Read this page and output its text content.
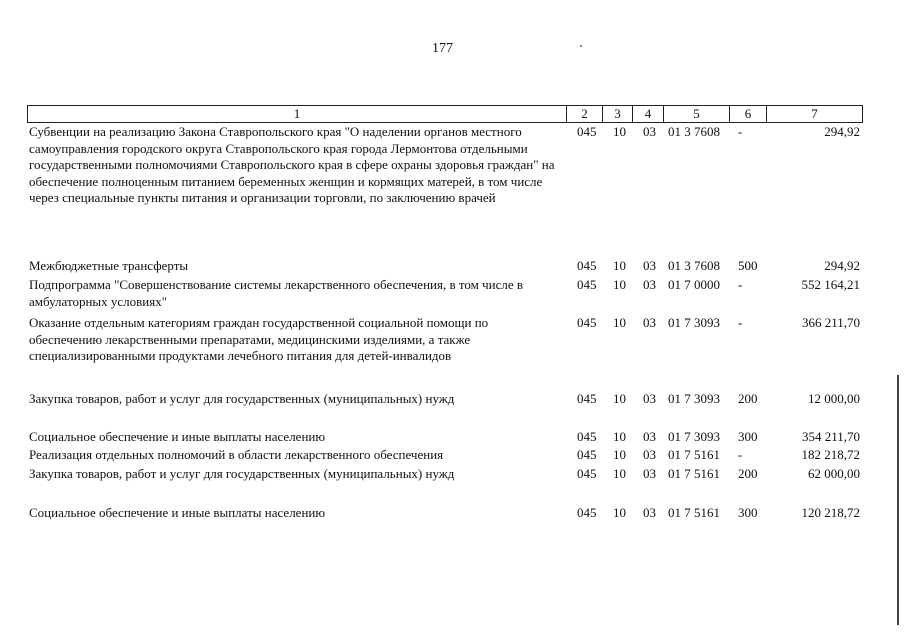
177
1	2	3	4	5	6	7
Субвенции на реализацию Закона Ставропольского края "О наделении органов местного самоуправления городского округа Ставропольского края города Лермонтова отдельными государственными полномочиями Ставропольского края в сфере охраны здоровья граждан" на обеспечение полноценным питанием беременных женщин и кормящих матерей, в том числе через специальные пункты питания и организации торговли, по заключению врачей
045 10 03 01 3 7608 -	294,92
Межбюджетные трансферты	045 10 03 01 3 7608 500	294,92
Подпрограмма "Совершенствование системы лекарственного обеспечения, в том числе в амбулаторных условиях"
045 10 03 01 7 0000 -	552 164,21
Оказание отдельным категориям граждан государственной социальной помощи по обеспечению лекарственными препаратами, медицинскими изделиями, а также специализированными продуктами лечебного питания для детей-инвалидов
045 10 03 01 7 3093 -	366 211,70
Закупка товаров, работ и услуг для государственных (муниципальных) нужд	045 10 03 01 7 3093 200	12 000,00
Социальное обеспечение и иные выплаты населению	045 10 03 01 7 3093 300	354 211,70
Реализация отдельных полномочий в области лекарственного обеспечения	045 10 03 01 7 5161 -	182 218,72
Закупка товаров, работ и услуг для государственных (муниципальных) нужд	045 10 03 01 7 5161 200	62 000,00
Социальное обеспечение и иные выплаты населению	045 10 03 01 7 5161 300	120 218,72
